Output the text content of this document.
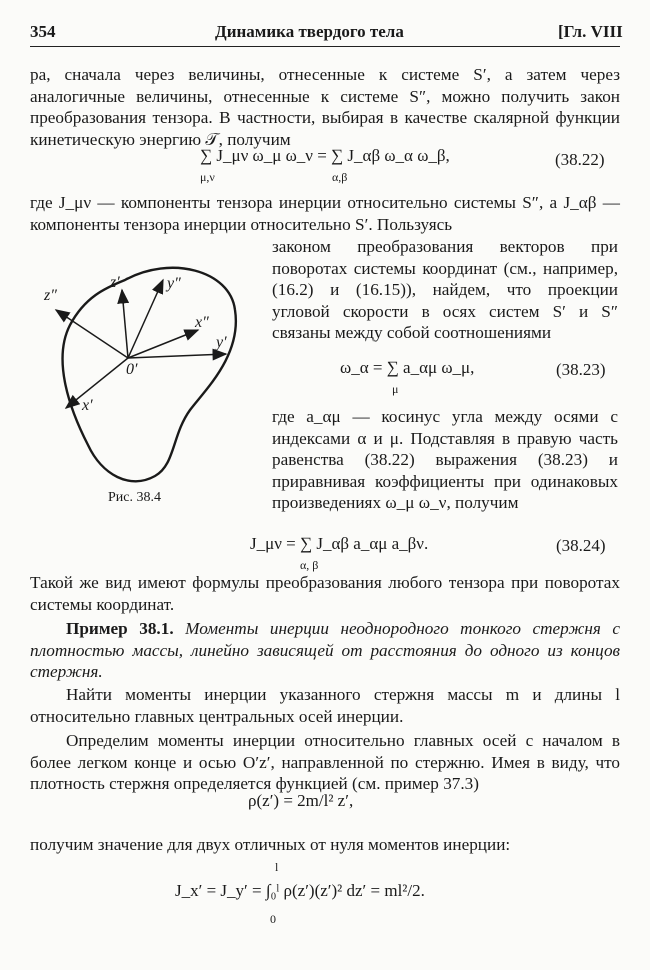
354	Динамика твердого тела	[Гл. VIII
ра, сначала через величины, отнесенные к системе S′, а затем через аналогичные величины, отнесенные к системе S″, можно получить закон преобразования тензора. В частности, выбирая в качестве скалярной функции кинетическую энергию 𝒯, получим
∑ J_μν ω_μ ω_ν = ∑ J_αβ ω_α ω_β,
μ,ν	α,β
(38.22)
где J_μν — компоненты тензора инерции относительно системы S″, а J_αβ — компоненты тензора инерции относительно S′. Пользуясь
z″
z′	y″
x″
y′
0′
x′
Рис. 38.4
законом преобразования векторов при поворотах системы координат (см., например, (16.2) и (16.15)), найдем, что проекции угловой скорости в осях систем S′ и S″ связаны между собой соотношениями
ω_α = ∑ a_αμ ω_μ,
μ
(38.23)
где a_αμ — косинус угла между осями с индексами α и μ. Подставляя в правую часть равенства (38.22) выражения (38.23) и приравнивая коэффициенты при одинаковых произведениях ω_μ ω_ν, получим
J_μν = ∑ J_αβ a_αμ a_βν.
α, β
(38.24)
Такой же вид имеют формулы преобразования любого тензора при поворотах системы координат.
Пример 38.1. Моменты инерции неоднородного тонкого стержня с плотностью массы, линейно зависящей от расстояния до одного из концов стержня.
Найти моменты инерции указанного стержня массы m и длины l относительно главных центральных осей инерции.
Определим моменты инерции относительно главных осей с началом в более легком конце и осью O′z′, направленной по стержню. Имея в виду, что плотность стержня определяется функцией (см. пример 37.3)
ρ(z′) = 2m/l² z′,
получим значение для двух отличных от нуля моментов инерции:
l
J_x′ = J_y′ = ∫₀ˡ ρ(z′)(z′)² dz′ = ml²/2.
0
